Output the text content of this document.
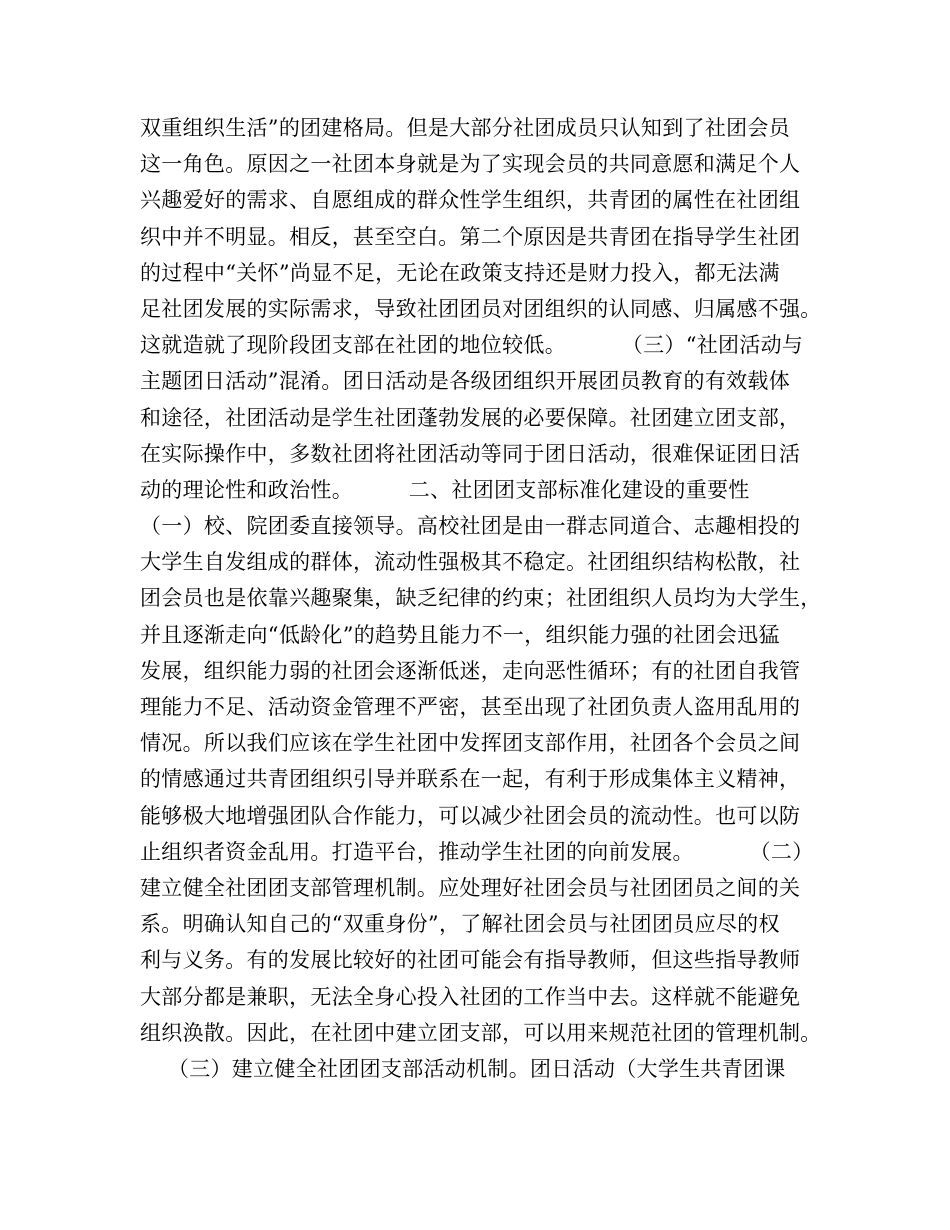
双重组织生活”的团建格局。但是大部分社团成员只认知到了社团会员
这一角色。原因之一社团本身就是为了实现会员的共同意愿和满足个人
兴趣爱好的需求、自愿组成的群众性学生组织，共青团的属性在社团组
织中并不明显。相反，甚至空白。第二个原因是共青团在指导学生社团
的过程中“关怀”尚显不足，无论在政策支持还是财力投入，都无法满
足社团发展的实际需求，导致社团团员对团组织的认同感、归属感不强。
这就造就了现阶段团支部在社团的地位较低。        （三）“社团活动与
主题团日活动”混淆。团日活动是各级团组织开展团员教育的有效载体
和途径，社团活动是学生社团蓬勃发展的必要保障。社团建立团支部，
在实际操作中，多数社团将社团活动等同于团日活动，很难保证团日活
动的理论性和政治性。        二、社团团支部标准化建设的重要性
（一）校、院团委直接领导。高校社团是由一群志同道合、志趣相投的
大学生自发组成的群体，流动性强极其不稳定。社团组织结构松散，社
团会员也是依靠兴趣聚集，缺乏纪律的约束；社团组织人员均为大学生，
并且逐渐走向“低龄化”的趋势且能力不一，组织能力强的社团会迅猛
发展，组织能力弱的社团会逐渐低迷，走向恶性循环；有的社团自我管
理能力不足、活动资金管理不严密，甚至出现了社团负责人盗用乱用的
情况。所以我们应该在学生社团中发挥团支部作用，社团各个会员之间
的情感通过共青团组织引导并联系在一起，有利于形成集体主义精神，
能够极大地增强团队合作能力，可以减少社团会员的流动性。也可以防
止组织者资金乱用。打造平台，推动学生社团的向前发展。        （二）
建立健全社团团支部管理机制。应处理好社团会员与社团团员之间的关
系。明确认知自己的“双重身份”，了解社团会员与社团团员应尽的权
利与义务。有的发展比较好的社团可能会有指导教师，但这些指导教师
大部分都是兼职，无法全身心投入社团的工作当中去。这样就不能避免
组织涣散。因此，在社团中建立团支部，可以用来规范社团的管理机制。
（三）建立健全社团团支部活动机制。团日活动（大学生共青团课
